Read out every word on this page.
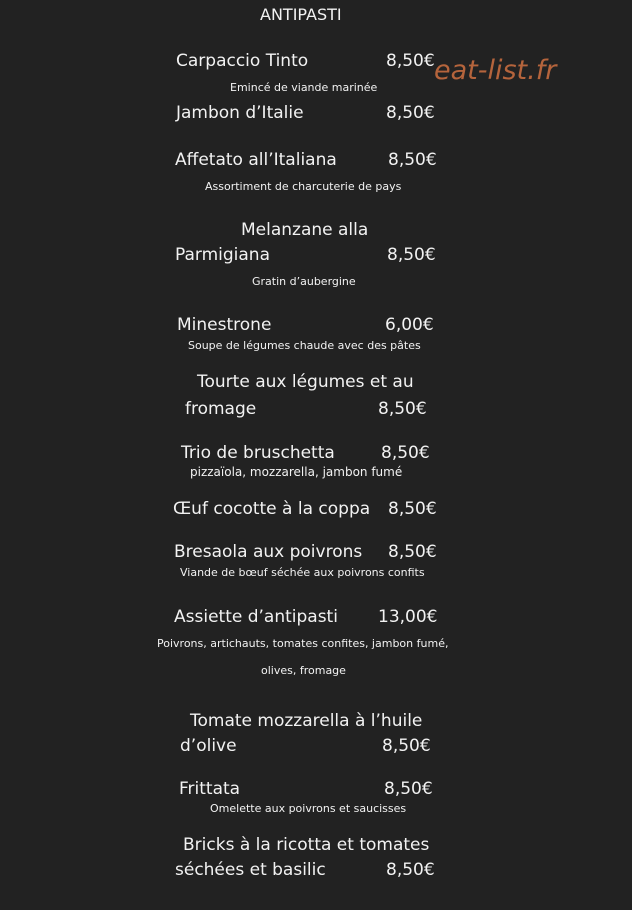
ANTIPASTI
Carpaccio Tinto	8,50€
Emincé de viande marinée
eat-list.fr
Jambon d’Italie	8,50€
Affetato all’Italiana	8,50€
Assortiment de charcuterie de pays
Melanzane alla
Parmigiana	8,50€
Gratin d’aubergine
Minestrone	6,00€
Soupe de légumes chaude avec des pâtes
Tourte aux légumes et au
fromage	8,50€
Trio de bruschetta	8,50€
pizzaïola, mozzarella, jambon fumé
Œuf cocotte à la coppa 8,50€
Bresaola aux poivrons 8,50€
Viande de bœuf séchée aux poivrons confits
Assiette d’antipasti 13,00€
Poivrons, artichauts, tomates confites, jambon fumé,
olives, fromage
Tomate mozzarella à l’huile
d’olive	8,50€
Frittata	8,50€
Omelette aux poivrons et saucisses
Bricks à la ricotta et tomates
séchées et basilic	8,50€
